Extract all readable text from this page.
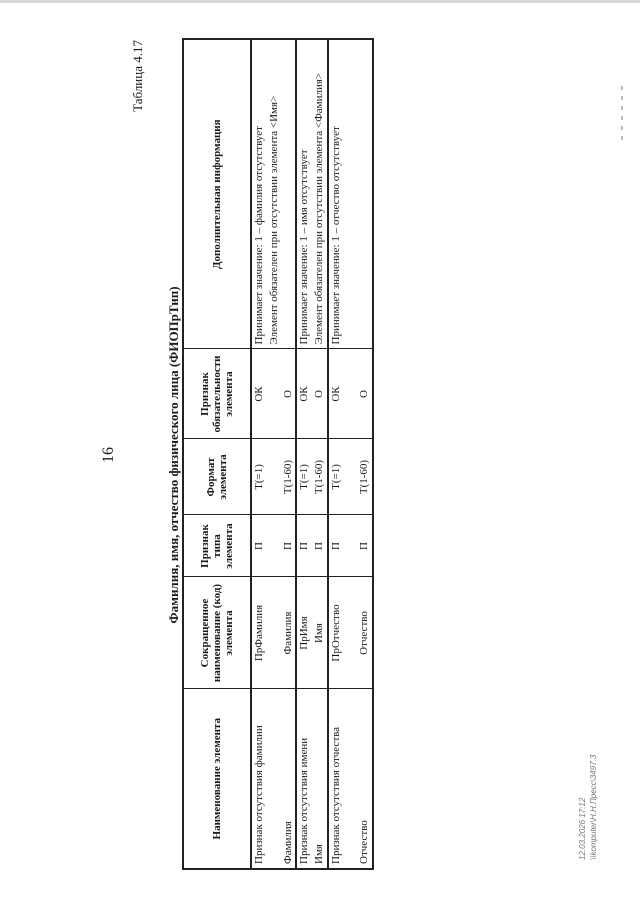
16
Таблица 4.17
Фамилия, имя, отчество физического лица (ФИОПрТип)
Наименование элемента	Сокращенное наименование (код) элемента	Признак типа элемента	Формат элемента	Признак обязательности элемента	Дополнительная информация

Признак отсутствия фамилии Фамилия	ПрФамилия Фамилия	П П	T(=1) T(1-60)	ОК О	Принимает значение: 1 – фамилия отсутствует Элемент обязателен при отсутствии элемента <Имя>

Признак отсутствия имени Имя	ПрИмя Имя	П П	T(=1) T(1-60)	ОК О	Принимает значение: 1 – имя отсутствует Элемент обязателен при отсутствии элемента <Фамилия>

Признак отсутствия отчества Отчество	ПрОтчество Отчество	П П	T(=1) T(1-60)	ОК О	Принимает значение: 1 – отчество отсутствует
12.03.2026 17:12 \\komputer\Н.Н.Пресс\3497.3
